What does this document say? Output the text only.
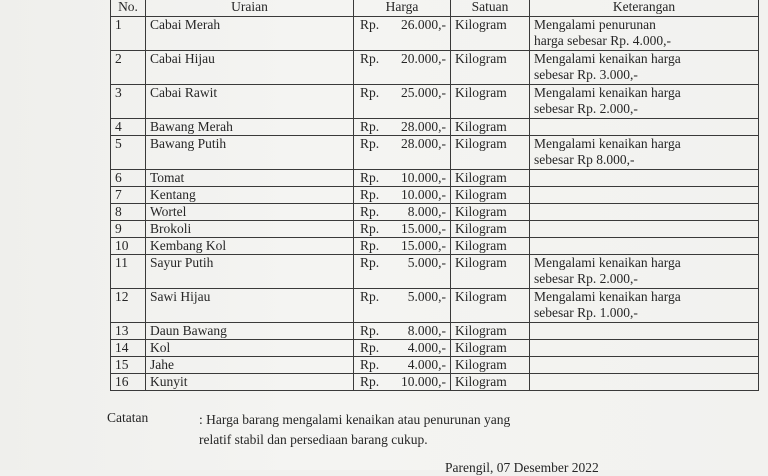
No.	Uraian	Harga	Satuan	Keterangan
1	Cabai Merah	Rp. 26.000,-	Kilogram	Mengalami penurunan
harga sebesar Rp. 4.000,-

2	Cabai Hijau	Rp. 20.000,-	Kilogram	Mengalami kenaikan harga
sebesar Rp. 3.000,-

3	Cabai Rawit	Rp. 25.000,-	Kilogram	Mengalami kenaikan harga
sebesar Rp. 2.000,-

4	Bawang Merah	Rp. 28.000,-	Kilogram	

5	Bawang Putih	Rp. 28.000,-	Kilogram	Mengalami kenaikan harga
sebesar Rp 8.000,-

6	Tomat	Rp. 10.000,-	Kilogram	

7	Kentang	Rp. 10.000,-	Kilogram	

8	Wortel	Rp. 8.000,-	Kilogram	

9	Brokoli	Rp. 15.000,-	Kilogram	

10	Kembang Kol	Rp. 15.000,-	Kilogram	

11	Sayur Putih	Rp. 5.000,-	Kilogram	Mengalami kenaikan harga
sebesar Rp. 2.000,-

12	Sawi Hijau	Rp. 5.000,-	Kilogram	Mengalami kenaikan harga
sebesar Rp. 1.000,-

13	Daun Bawang	Rp. 8.000,-	Kilogram	

14	Kol	Rp. 4.000,-	Kilogram	

15	Jahe	Rp. 4.000,-	Kilogram	

16	Kunyit	Rp. 10.000,-	Kilogram	
Catatan	: Harga barang mengalami kenaikan atau penurunan yang relatif stabil dan persediaan barang cukup.
Parengil, 07 Desember 2022
